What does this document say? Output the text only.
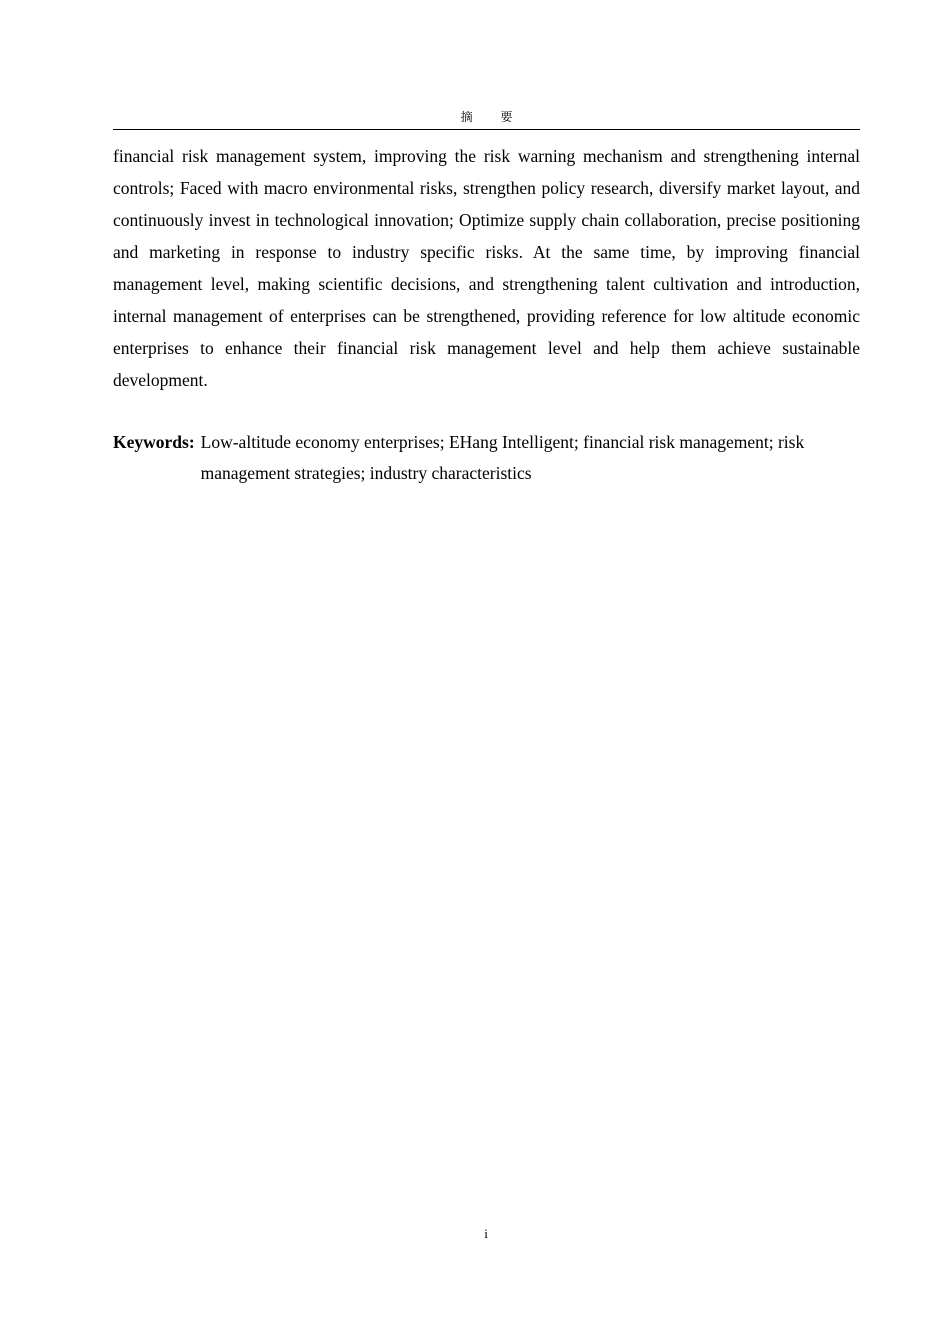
摘 要

financial risk management system, improving the risk warning mechanism and strengthening internal controls; Faced with macro environmental risks, strengthen policy research, diversify market layout, and continuously invest in technological innovation; Optimize supply chain collaboration, precise positioning and marketing in response to industry specific risks. At the same time, by improving financial management level, making scientific decisions, and strengthening talent cultivation and introduction, internal management of enterprises can be strengthened, providing reference for low altitude economic enterprises to enhance their financial risk management level and help them achieve sustainable development.

Keywords: Low-altitude economy enterprises; EHang Intelligent; financial risk management; risk management strategies; industry characteristics
i
